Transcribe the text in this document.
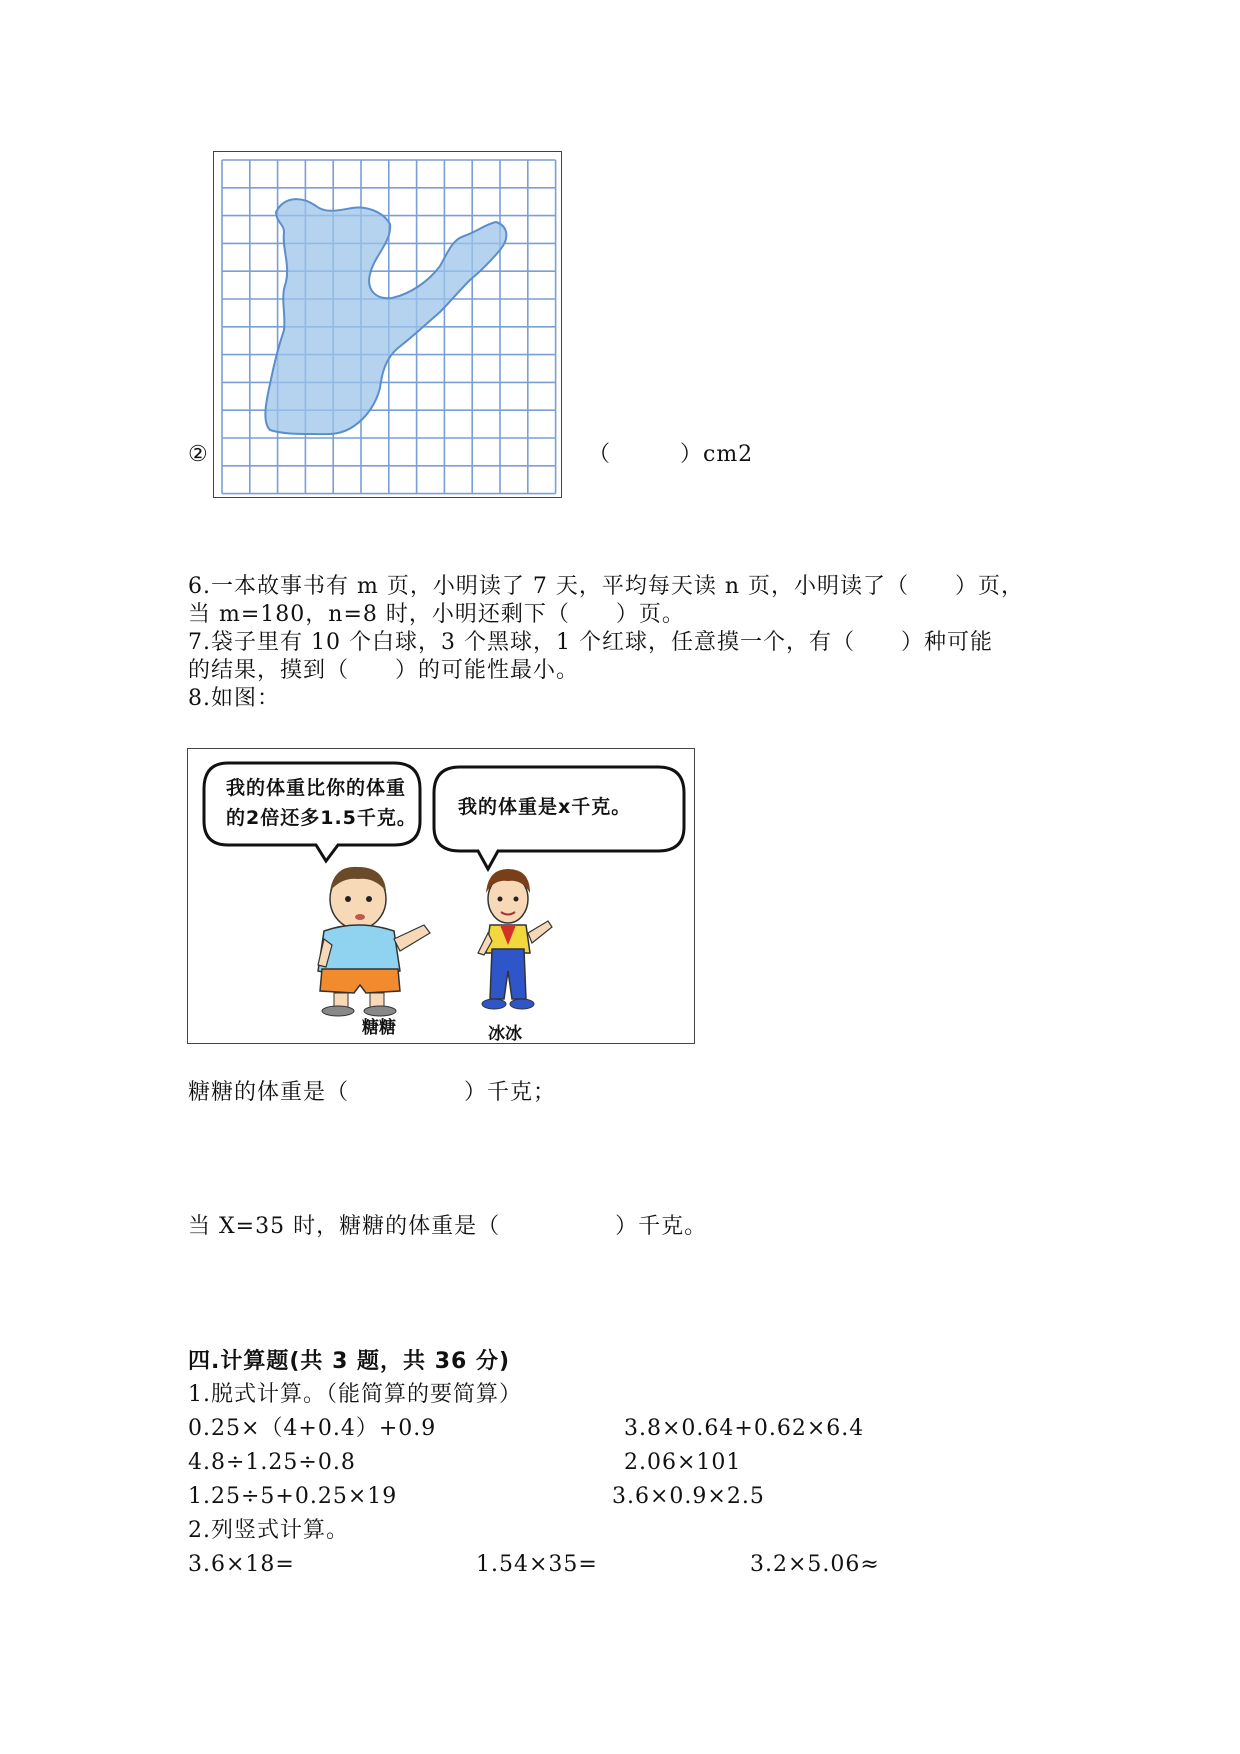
②	（　　　）cm2
6.一本故事书有 m 页，小明读了 7 天，平均每天读 n 页，小明读了（　　）页，
当 m=180，n=8 时，小明还剩下（　　）页。
7.袋子里有 10 个白球，3 个黑球，1 个红球，任意摸一个，有（　　）种可能
的结果，摸到（　　）的可能性最小。
8.如图：
我的体重比你的体重
的2倍还多1.5千克。 我的体重是x千克。
糖糖	冰冰
糖糖的体重是（　　　　　）千克；
当 X=35 时，糖糖的体重是（　　　　　）千克。
四.计算题(共 3 题，共 36 分)
1.脱式计算。（能简算的要简算）
0.25×（4+0.4）+0.9	3.8×0.64+0.62×6.4
4.8÷1.25÷0.8	2.06×101
1.25÷5+0.25×19	3.6×0.9×2.5
2.列竖式计算。
3.6×18=	1.54×35=	3.2×5.06≈
